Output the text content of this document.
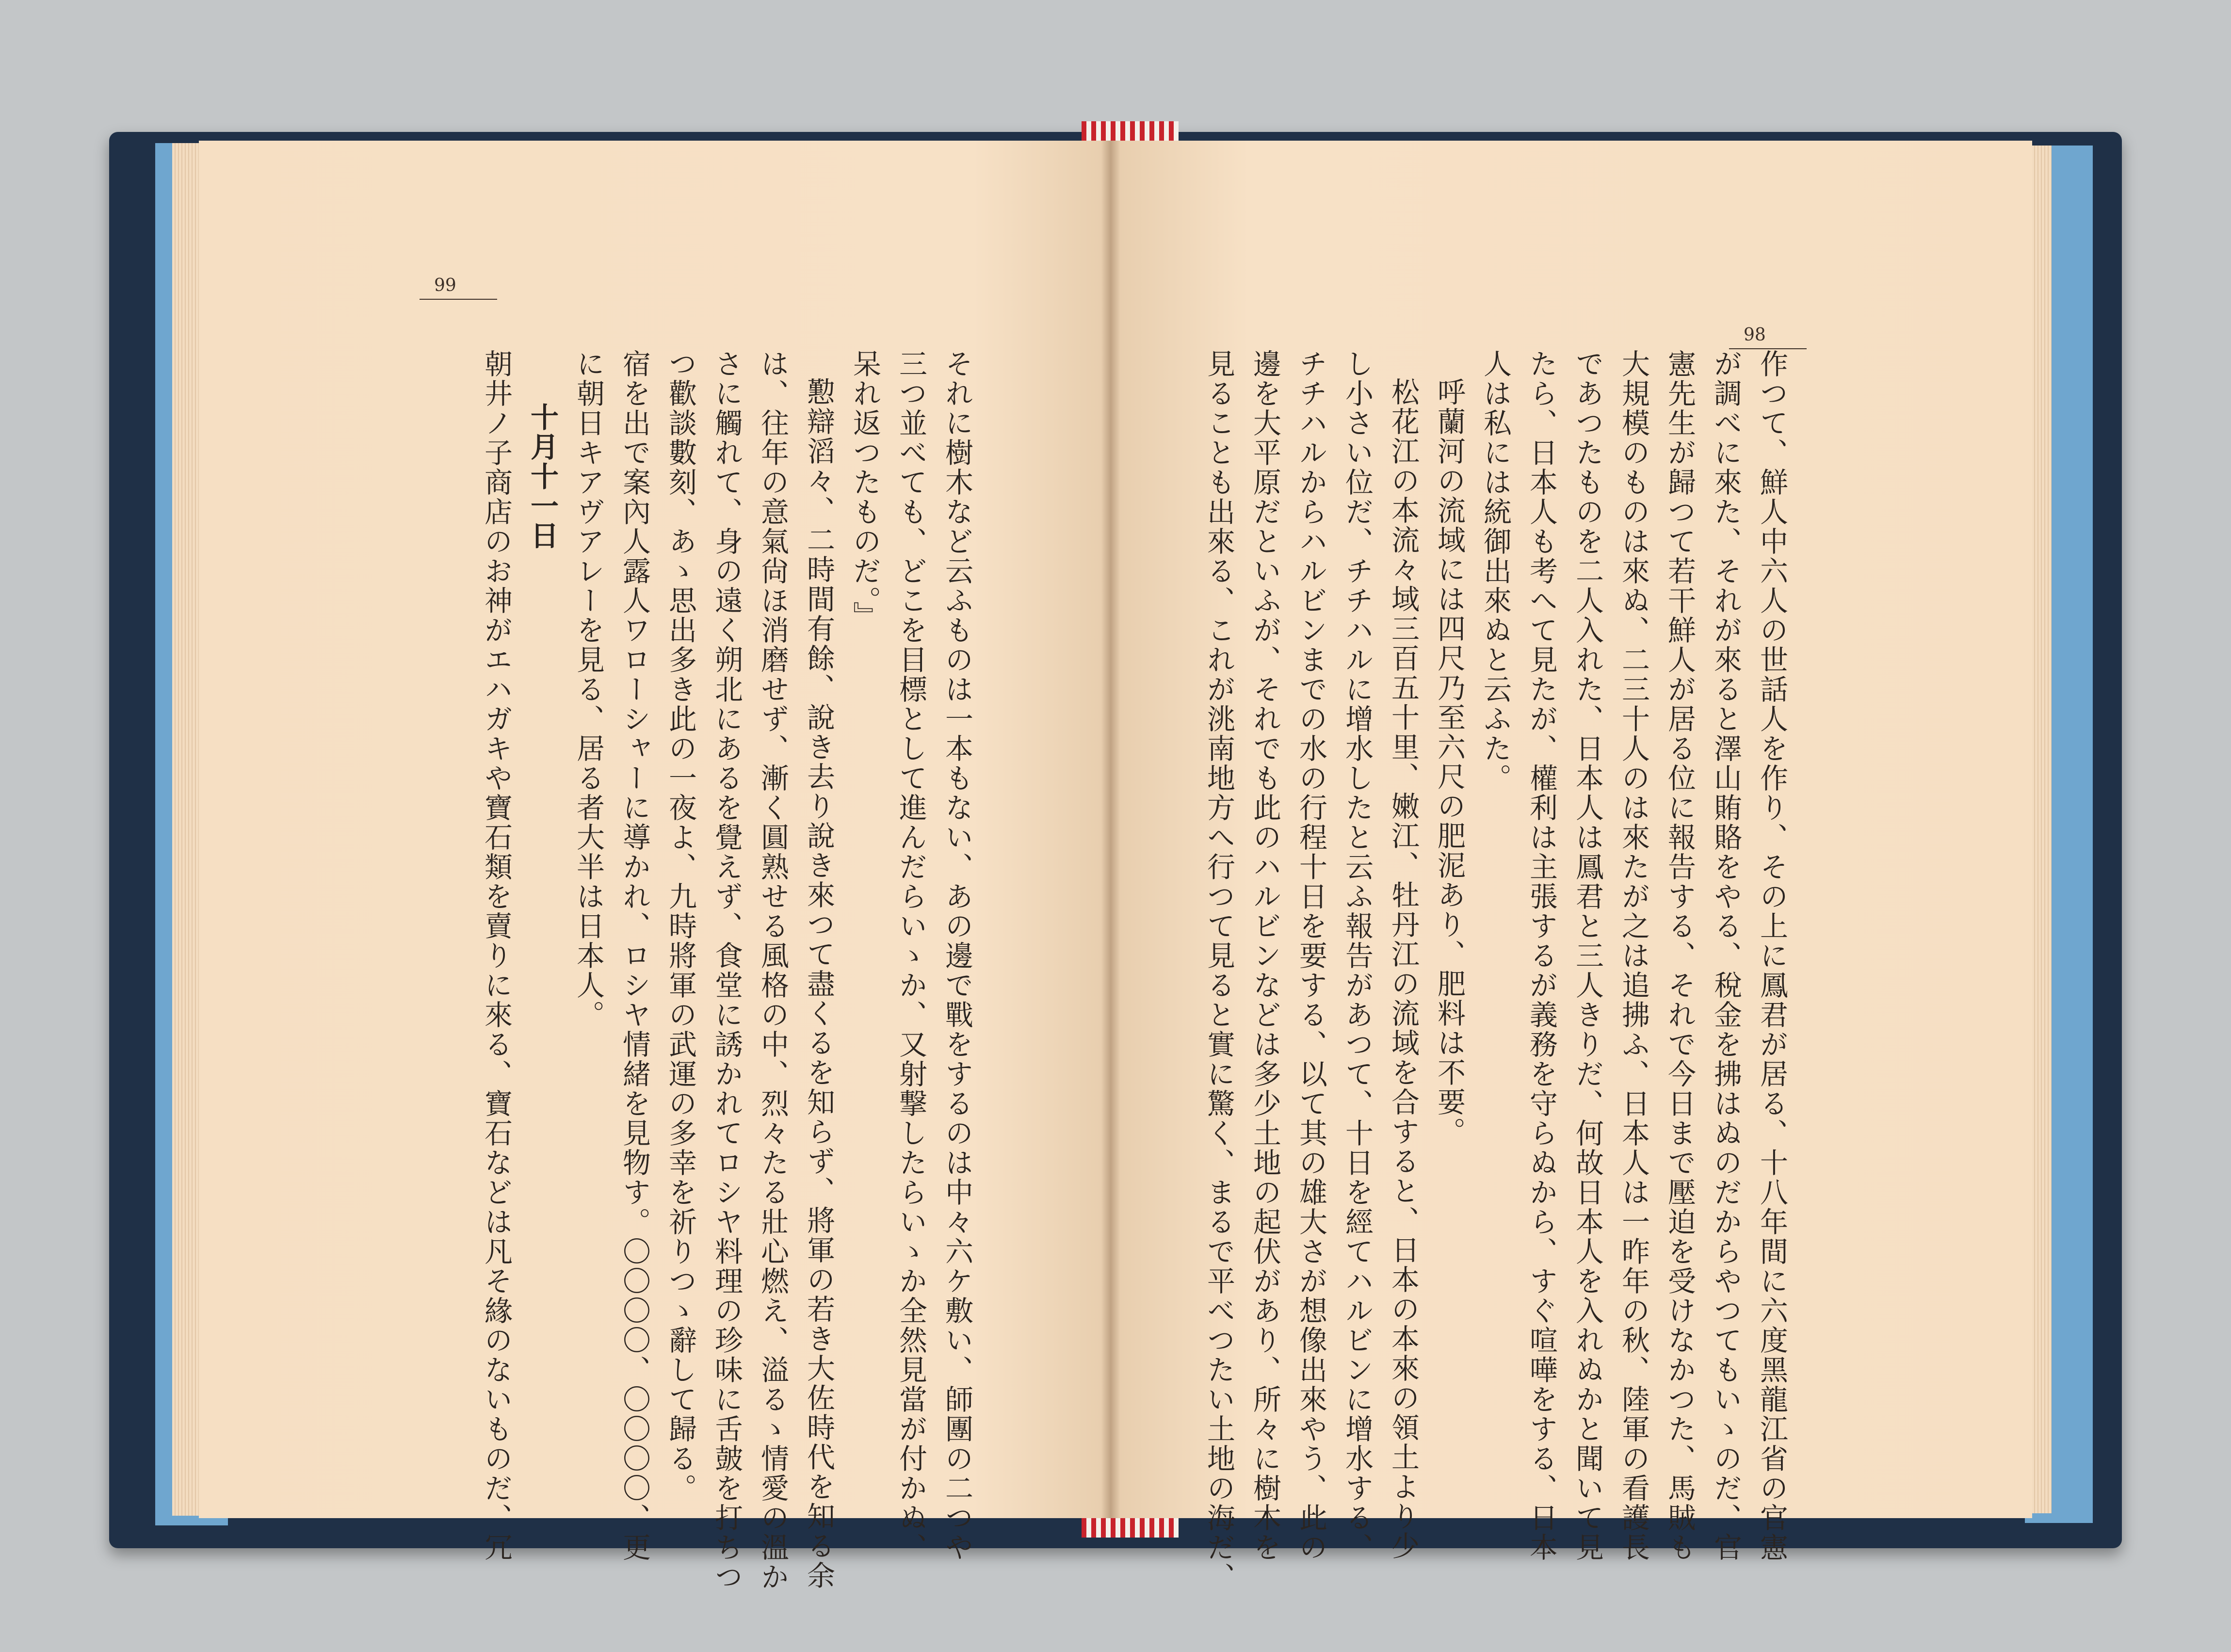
99
それに樹木など云ふものは一本もない、あの邊で戰をするのは中々六ケ敷い、師團の二つや
三つ並べても、どこを目標として進んだらいゝか、又射撃したらいゝか全然見當が付かぬ、
呆れ返つたものだ。』
懃辯滔々、二時間有餘、說き去り說き來つて盡くるを知らず、將軍の若き大佐時代を知る余
は、往年の意氣尙ほ消磨せず、漸く圓熟せる風格の中、烈々たる壯心燃え、溢るゝ情愛の溫か
さに觸れて、身の遠く朔北にあるを覺えず、食堂に誘かれてロシヤ料理の珍味に舌皷を打ちつ
つ歡談數刻、あゝ思出多き此の一夜よ、九時將軍の武運の多幸を祈りつゝ辭して歸る。
宿を出で案內人露人ワローシャーに導かれ、ロシヤ情緒を見物す。〇〇〇〇、〇〇〇〇、更
に朝日キアヴアレーを見る、居る者大半は日本人。
十月十一日
朝井ノ子商店のお神がエハガキや寶石類を賣りに來る、寶石などは凡そ緣のないものだ、冗
98
作つて、鮮人中六人の世話人を作り、その上に鳳君が居る、十八年間に六度黑龍江省の官憲
が調べに來た、それが來ると澤山賄賂をやる、稅金を拂はぬのだからやつてもいゝのだ、官
憲先生が歸つて若干鮮人が居る位に報告する、それで今日まで壓迫を受けなかつた、馬賊も
大規模のものは來ぬ、二三十人のは來たが之は追拂ふ、日本人は一昨年の秋、陸軍の看護長
であつたものを二人入れた、日本人は鳳君と三人きりだ、何故日本人を入れぬかと聞いて見
たら、日本人も考へて見たが、權利は主張するが義務を守らぬから、すぐ喧嘩をする、日本
人は私には統御出來ぬと云ふた。
呼蘭河の流域には四尺乃至六尺の肥泥あり、肥料は不要。
松花江の本流々域三百五十里、嫩江、牡丹江の流域を合すると、日本の本來の領土より少
し小さい位だ、チチハルに增水したと云ふ報告があつて、十日を經てハルビンに增水する、
チチハルからハルビンまでの水の行程十日を要する、以て其の雄大さが想像出來やう、此の
邊を大平原だといふが、それでも此のハルビンなどは多少土地の起伏があり、所々に樹木を
見ることも出來る、これが洮南地方へ行つて見ると實に驚く、まるで平べつたい土地の海だ、
